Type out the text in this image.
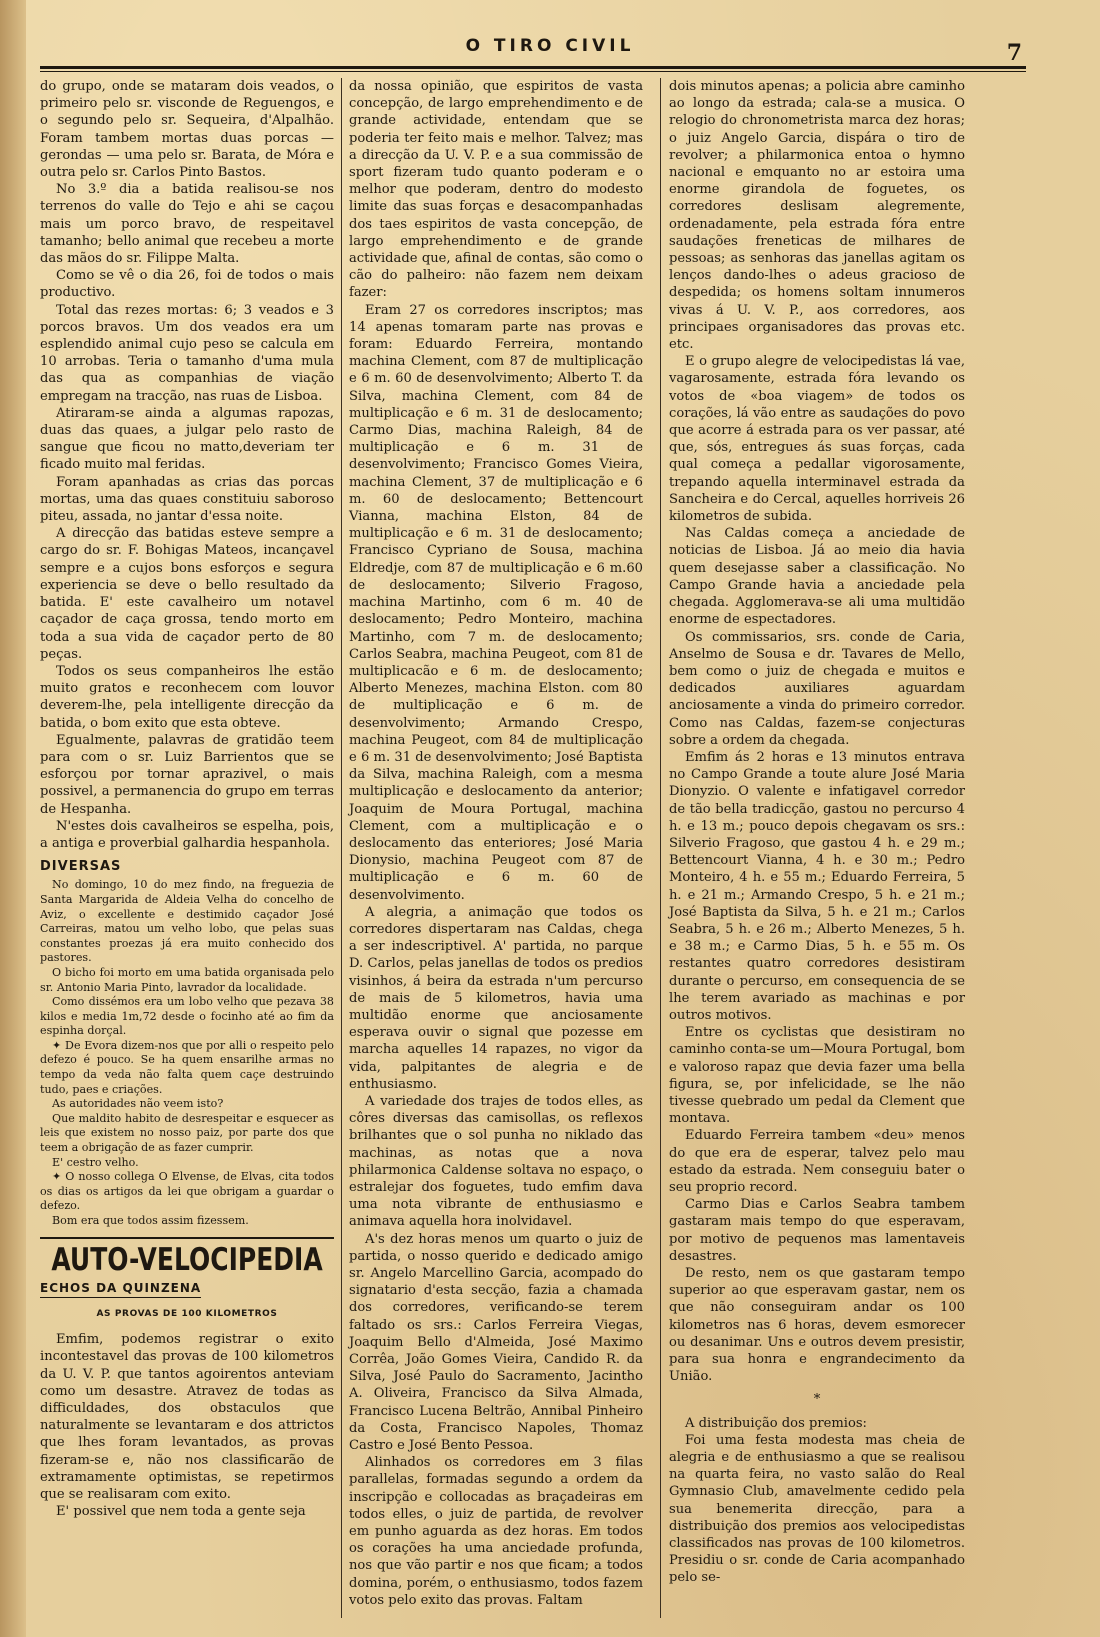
O TIRO CIVIL	7

do grupo, onde se mataram dois veados, o primeiro pelo sr. visconde de Reguengos, e o segundo pelo sr. Sequeira, d'Alpalhão. Foram tambem mortas duas porcas — gerondas — uma pelo sr. Barata, de Móra e outra pelo sr. Carlos Pinto Bastos.

No 3.º dia a batida realisou-se nos terrenos do valle do Tejo e ahi se caçou mais um porco bravo, de respeitavel tamanho; bello animal que recebeu a morte das mãos do sr. Filippe Malta.

Como se vê o dia 26, foi de todos o mais productivo.

Total das rezes mortas: 6; 3 veados e 3 porcos bravos. Um dos veados era um esplendido animal cujo peso se calcula em 10 arrobas. Teria o tamanho d'uma mula das qua as companhias de viação empregam na tracção, nas ruas de Lisboa.

Atiraram-se ainda a algumas rapozas, duas das quaes, a julgar pelo rasto de sangue que ficou no matto,deveriam ter ficado muito mal feridas.

Foram apanhadas as crias das porcas mortas, uma das quaes constituiu saboroso piteu, assada, no jantar d'essa noite.

A direcção das batidas esteve sempre a cargo do sr. F. Bohigas Mateos, incançavel sempre e a cujos bons esforços e segura experiencia se deve o bello resultado da batida. E' este cavalheiro um notavel caçador de caça grossa, tendo morto em toda a sua vida de caçador perto de 80 peças.

Todos os seus companheiros lhe estão muito gratos e reconhecem com louvor deverem-lhe, pela intelligente direcção da batida, o bom exito que esta obteve.

Egualmente, palavras de gratidão teem para com o sr. Luiz Barrientos que se esforçou por tornar aprazivel, o mais possivel, a permanencia do grupo em terras de Hespanha.

N'estes dois cavalheiros se espelha, pois, a antiga e proverbial galhardia hespanhola.

DIVERSAS

No domingo, 10 do mez findo, na freguezia de Santa Margarida de Aldeia Velha do concelho de Aviz, o excellente e destimido caçador José Carreiras, matou um velho lobo, que pelas suas constantes proezas já era muito conhecido dos pastores.

O bicho foi morto em uma batida organisada pelo sr. Antonio Maria Pinto, lavrador da localidade.

Como dissémos era um lobo velho que pezava 38 kilos e media 1m,72 desde o focinho até ao fim da espinha dorçal.

✦ De Evora dizem-nos que por alli o respeito pelo defezo é pouco. Se ha quem ensarilhe armas no tempo da veda não falta quem caçe destruindo tudo, paes e criações.

As autoridades não veem isto?

Que maldito habito de desrespeitar e esquecer as leis que existem no nosso paiz, por parte dos que teem a obrigação de as fazer cumprir.

E' cestro velho.

✦ O nosso collega O Elvense, de Elvas, cita todos os dias os artigos da lei que obrigam a guardar o defezo.

Bom era que todos assim fizessem.

AUTO-VELOCIPEDIA
ECHOS DA QUINZENA
AS PROVAS DE 100 KILOMETROS

Emfim, podemos registrar o exito incontestavel das provas de 100 kilometros da U. V. P. que tantos agoirentos anteviam como um desastre. Atravez de todas as difficuldades, dos obstaculos que naturalmente se levantaram e dos attrictos que lhes foram levantados, as provas fizeram-se e, não nos classificarão de extramamente optimistas, se repetirmos que se realisaram com exito.

E' possivel que nem toda a gente seja

da nossa opinião, que espiritos de vasta concepção, de largo emprehendimento e de grande actividade, entendam que se poderia ter feito mais e melhor. Talvez; mas a direcção da U. V. P. e a sua commissão de sport fizeram tudo quanto poderam e o melhor que poderam, dentro do modesto limite das suas forças e desacompanhadas dos taes espiritos de vasta concepção, de largo emprehendimento e de grande actividade que, afinal de contas, são como o cão do palheiro: não fazem nem deixam fazer:

Eram 27 os corredores inscriptos; mas 14 apenas tomaram parte nas provas e foram: Eduardo Ferreira, montando machina Clement, com 87 de multiplicação e 6 m. 60 de desenvolvimento; Alberto T. da Silva, machina Clement, com 84 de multiplicação e 6 m. 31 de deslocamento; Carmo Dias, machina Raleigh, 84 de multiplicação e 6 m. 31 de desenvolvimento; Francisco Gomes Vieira, machina Clement, 37 de multiplicação e 6 m. 60 de deslocamento; Bettencourt Vianna, machina Elston, 84 de multiplicação e 6 m. 31 de deslocamento; Francisco Cypriano de Sousa, machina Eldredje, com 87 de multiplicação e 6 m.60 de deslocamento; Silverio Fragoso, machina Martinho, com 6 m. 40 de deslocamento; Pedro Monteiro, machina Martinho, com 7 m. de deslocamento; Carlos Seabra, machina Peugeot, com 81 de multiplicacão e 6 m. de deslocamento; Alberto Menezes, machina Elston. com 80 de multiplicação e 6 m. de desenvolvimento; Armando Crespo, machina Peugeot, com 84 de multiplicação e 6 m. 31 de desenvolvimento; José Baptista da Silva, machina Raleigh, com a mesma multiplicação e deslocamento da anterior; Joaquim de Moura Portugal, machina Clement, com a multiplicação e o deslocamento das enteriores; José Maria Dionysio, machina Peugeot com 87 de multiplicação e 6 m. 60 de desenvolvimento.

A alegria, a animação que todos os corredores dispertaram nas Caldas, chega a ser indescriptivel. A' partida, no parque D. Carlos, pelas janellas de todos os predios visinhos, á beira da estrada n'um percurso de mais de 5 kilometros, havia uma multidão enorme que anciosamente esperava ouvir o signal que pozesse em marcha aquelles 14 rapazes, no vigor da vida, palpitantes de alegria e de enthusiasmo.

A variedade dos trajes de todos elles, as côres diversas das camisollas, os reflexos brilhantes que o sol punha no niklado das machinas, as notas que a nova philarmonica Caldense soltava no espaço, o estralejar dos foguetes, tudo emfim dava uma nota vibrante de enthusiasmo e animava aquella hora inolvidavel.

A's dez horas menos um quarto o juiz de partida, o nosso querido e dedicado amigo sr. Angelo Marcellino Garcia, acompado do signatario d'esta secção, fazia a chamada dos corredores, verificando-se terem faltado os srs.: Carlos Ferreira Viegas, Joaquim Bello d'Almeida, José Maximo Corrêa, João Gomes Vieira, Candido R. da Silva, José Paulo do Sacramento, Jacintho A. Oliveira, Francisco da Silva Almada, Francisco Lucena Beltrão, Annibal Pinheiro da Costa, Francisco Napoles, Thomaz Castro e José Bento Pessoa.

Alinhados os corredores em 3 filas parallelas, formadas segundo a ordem da inscripção e collocadas as braçadeiras em todos elles, o juiz de partida, de revolver em punho aguarda as dez horas. Em todos os corações ha uma anciedade profunda, nos que vão partir e nos que ficam; a todos domina, porém, o enthusiasmo, todos fazem votos pelo exito das provas. Faltam

dois minutos apenas; a policia abre caminho ao longo da estrada; cala-se a musica. O relogio do chronometrista marca dez horas; o juiz Angelo Garcia, dispára o tiro de revolver; a philarmonica entoa o hymno nacional e emquanto no ar estoira uma enorme girandola de foguetes, os corredores deslisam alegremente, ordenadamente, pela estrada fóra entre saudações freneticas de milhares de pessoas; as senhoras das janellas agitam os lenços dando-lhes o adeus gracioso de despedida; os homens soltam innumeros vivas á U. V. P., aos corredores, aos principaes organisadores das provas etc. etc.

E o grupo alegre de velocipedistas lá vae, vagarosamente, estrada fóra levando os votos de «boa viagem» de todos os corações, lá vão entre as saudações do povo que acorre á estrada para os ver passar, até que, sós, entregues ás suas forças, cada qual começa a pedallar vigorosamente, trepando aquella interminavel estrada da Sancheira e do Cercal, aquelles horriveis 26 kilometros de subida.

Nas Caldas começa a anciedade de noticias de Lisboa. Já ao meio dia havia quem desejasse saber a classificação. No Campo Grande havia a anciedade pela chegada. Agglomerava-se ali uma multidão enorme de espectadores.

Os commissarios, srs. conde de Caria, Anselmo de Sousa e dr. Tavares de Mello, bem como o juiz de chegada e muitos e dedicados auxiliares aguardam anciosamente a vinda do primeiro corredor. Como nas Caldas, fazem-se conjecturas sobre a ordem da chegada.

Emfim ás 2 horas e 13 minutos entrava no Campo Grande a toute alure José Maria Dionyzio. O valente e infatigavel corredor de tão bella tradicção, gastou no percurso 4 h. e 13 m.; pouco depois chegavam os srs.: Silverio Fragoso, que gastou 4 h. e 29 m.; Bettencourt Vianna, 4 h. e 30 m.; Pedro Monteiro, 4 h. e 55 m.; Eduardo Ferreira, 5 h. e 21 m.; Armando Crespo, 5 h. e 21 m.; José Baptista da Silva, 5 h. e 21 m.; Carlos Seabra, 5 h. e 26 m.; Alberto Menezes, 5 h. e 38 m.; e Carmo Dias, 5 h. e 55 m. Os restantes quatro corredores desistiram durante o percurso, em consequencia de se lhe terem avariado as machinas e por outros motivos.

Entre os cyclistas que desistiram no caminho conta-se um—Moura Portugal, bom e valoroso rapaz que devia fazer uma bella figura, se, por infelicidade, se lhe não tivesse quebrado um pedal da Clement que montava.

Eduardo Ferreira tambem «deu» menos do que era de esperar, talvez pelo mau estado da estrada. Nem conseguiu bater o seu proprio record.

Carmo Dias e Carlos Seabra tambem gastaram mais tempo do que esperavam, por motivo de pequenos mas lamentaveis desastres.

De resto, nem os que gastaram tempo superior ao que esperavam gastar, nem os que não conseguiram andar os 100 kilometros nas 6 horas, devem esmorecer ou desanimar. Uns e outros devem presistir, para sua honra e engrandecimento da União.

*

A distribuição dos premios:

Foi uma festa modesta mas cheia de alegria e de enthusiasmo a que se realisou na quarta feira, no vasto salão do Real Gymnasio Club, amavelmente cedido pela sua benemerita direcção, para a distribuição dos premios aos velocipedistas classificados nas provas de 100 kilometros. Presidiu o sr. conde de Caria acompanhado pelo se-
